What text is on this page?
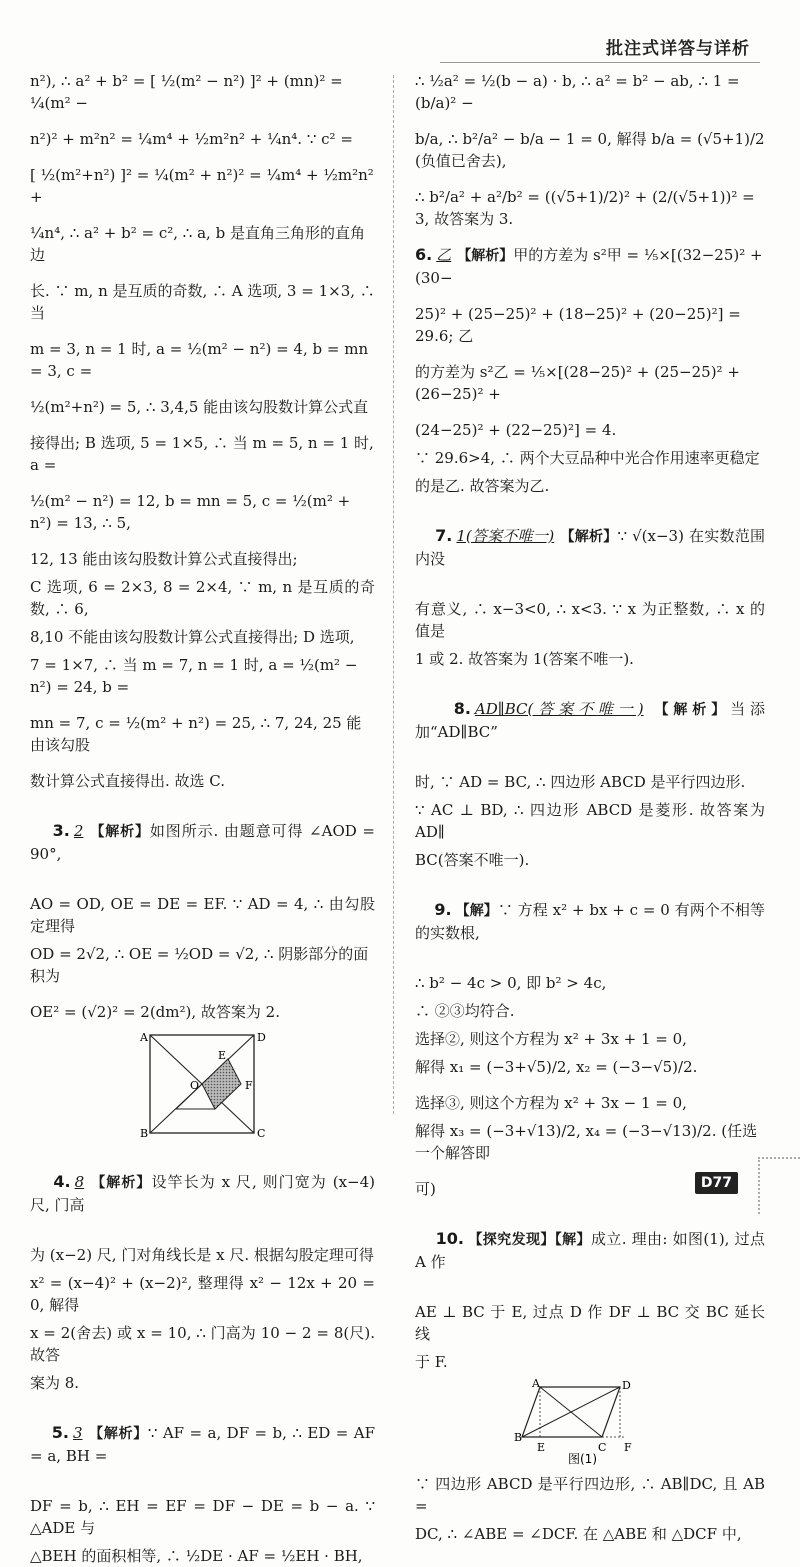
批注式详答与详析
n²), ∴ a² + b² = [ ½(m² − n²) ]² + (mn)² = ¼(m² −
n²)² + m²n² = ¼m⁴ + ½m²n² + ¼n⁴. ∵ c² =
[ ½(m²+n²) ]² = ¼(m² + n²)² = ¼m⁴ + ½m²n² +
¼n⁴, ∴ a² + b² = c², ∴ a, b 是直角三角形的直角边
长. ∵ m, n 是互质的奇数, ∴ A 选项, 3 = 1×3, ∴ 当
m = 3, n = 1 时, a = ½(m² − n²) = 4, b = mn = 3, c =
½(m²+n²) = 5, ∴ 3,4,5 能由该勾股数计算公式直
接得出; B 选项, 5 = 1×5, ∴ 当 m = 5, n = 1 时, a =
½(m² − n²) = 12, b = mn = 5, c = ½(m² + n²) = 13, ∴ 5,
12, 13 能由该勾股数计算公式直接得出;
C 选项, 6 = 2×3, 8 = 2×4, ∵ m, n 是互质的奇数, ∴ 6,
8,10 不能由该勾股数计算公式直接得出; D 选项,
7 = 1×7, ∴ 当 m = 7, n = 1 时, a = ½(m² − n²) = 24, b =
mn = 7, c = ½(m² + n²) = 25, ∴ 7, 24, 25 能由该勾股
数计算公式直接得出. 故选 C.

3. 2 【解析】如图所示. 由题意可得 ∠AOD = 90°,

AO = OD, OE = DE = EF. ∵ AD = 4, ∴ 由勾股定理得
OD = 2√2, ∴ OE = ½OD = √2, ∴ 阴影部分的面积为
OE² = (√2)² = 2(dm²), 故答案为 2.
A
B	C
D
E
F
O

4. 8 【解析】设竿长为 x 尺, 则门宽为 (x−4) 尺, 门高

为 (x−2) 尺, 门对角线长是 x 尺. 根据勾股定理可得
x² = (x−4)² + (x−2)², 整理得 x² − 12x + 20 = 0, 解得
x = 2(舍去) 或 x = 10, ∴ 门高为 10 − 2 = 8(尺). 故答
案为 8.

5. 3 【解析】∵ AF = a, DF = b, ∴ ED = AF = a, BH =

DF = b, ∴ EH = EF = DF − DE = b − a. ∵ △ADE 与
△BEH 的面积相等, ∴ ½DE · AF = ½EH · BH,
∴ ½a² = ½(b − a) · b, ∴ a² = b² − ab, ∴ 1 = (b/a)² −
b/a, ∴ b²/a² − b/a − 1 = 0, 解得 b/a = (√5+1)/2 (负值已舍去),
∴ b²/a² + a²/b² = ((√5+1)/2)² + (2/(√5+1))² = 3, 故答案为 3.
6. 乙 【解析】甲的方差为 s²甲 = ⅕×[(32−25)² + (30−
25)² + (25−25)² + (18−25)² + (20−25)²] = 29.6; 乙
的方差为 s²乙 = ⅕×[(28−25)² + (25−25)² + (26−25)² +
(24−25)² + (22−25)²] = 4.
∵ 29.6>4, ∴ 两个大豆品种中光合作用速率更稳定
的是乙. 故答案为乙.

7. 1(答案不唯一) 【解析】∵ √(x−3) 在实数范围内没

有意义, ∴ x−3<0, ∴ x<3. ∵ x 为正整数, ∴ x 的值是
1 或 2. 故答案为 1(答案不唯一).

8. AD∥BC(答案不唯一) 【解析】当添加“AD∥BC”

时, ∵ AD = BC, ∴ 四边形 ABCD 是平行四边形.
∵ AC ⊥ BD, ∴ 四边形 ABCD 是菱形. 故答案为 AD∥
BC(答案不唯一).

9. 【解】∵ 方程 x² + bx + c = 0 有两个不相等的实数根,

∴ b² − 4c > 0, 即 b² > 4c,
∴ ②③均符合.
选择②, 则这个方程为 x² + 3x + 1 = 0,
解得 x₁ = (−3+√5)/2, x₂ = (−3−√5)/2.
选择③, 则这个方程为 x² + 3x − 1 = 0,
解得 x₃ = (−3+√13)/2, x₄ = (−3−√13)/2. (任选一个解答即
可)

10. 【探究发现】【解】成立. 理由: 如图(1), 过点 A 作

AE ⊥ BC 于 E, 过点 D 作 DF ⊥ BC 交 BC 延长线
于 F.
A	D
B
E	C F
图(1)
∵ 四边形 ABCD 是平行四边形, ∴ AB∥DC, 且 AB =
DC, ∴ ∠ABE = ∠DCF. 在 △ABE 和 △DCF 中,
D77
